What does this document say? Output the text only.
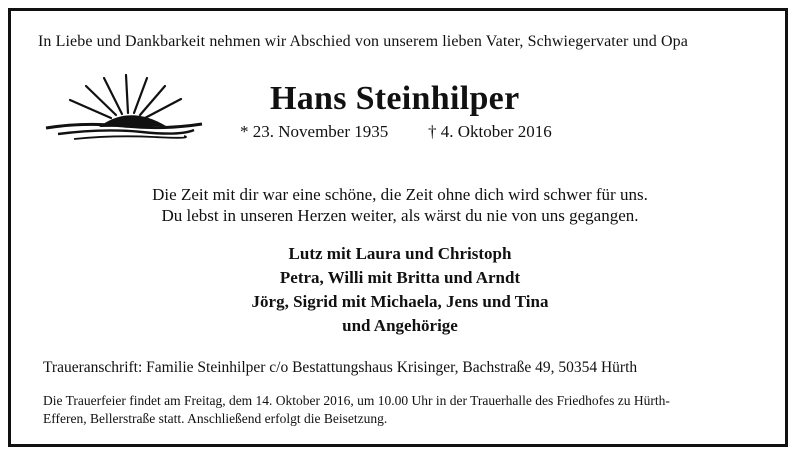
In Liebe und Dankbarkeit nehmen wir Abschied von unserem lieben Vater, Schwiegervater und Opa
Hans Steinhilper
* 23. November 1935 † 4. Oktober 2016
Die Zeit mit dir war eine schöne, die Zeit ohne dich wird schwer für uns.
Du lebst in unseren Herzen weiter, als wärst du nie von uns gegangen.
Lutz mit Laura und Christoph
Petra, Willi mit Britta und Arndt
Jörg, Sigrid mit Michaela, Jens und Tina
und Angehörige
Traueranschrift: Familie Steinhilper c/o Bestattungshaus Krisinger, Bachstraße 49, 50354 Hürth
Die Trauerfeier findet am Freitag, dem 14. Oktober 2016, um 10.00 Uhr in der Trauerhalle des Friedhofes zu Hürth-
Efferen, Bellerstraße statt. Anschließend erfolgt die Beisetzung.
